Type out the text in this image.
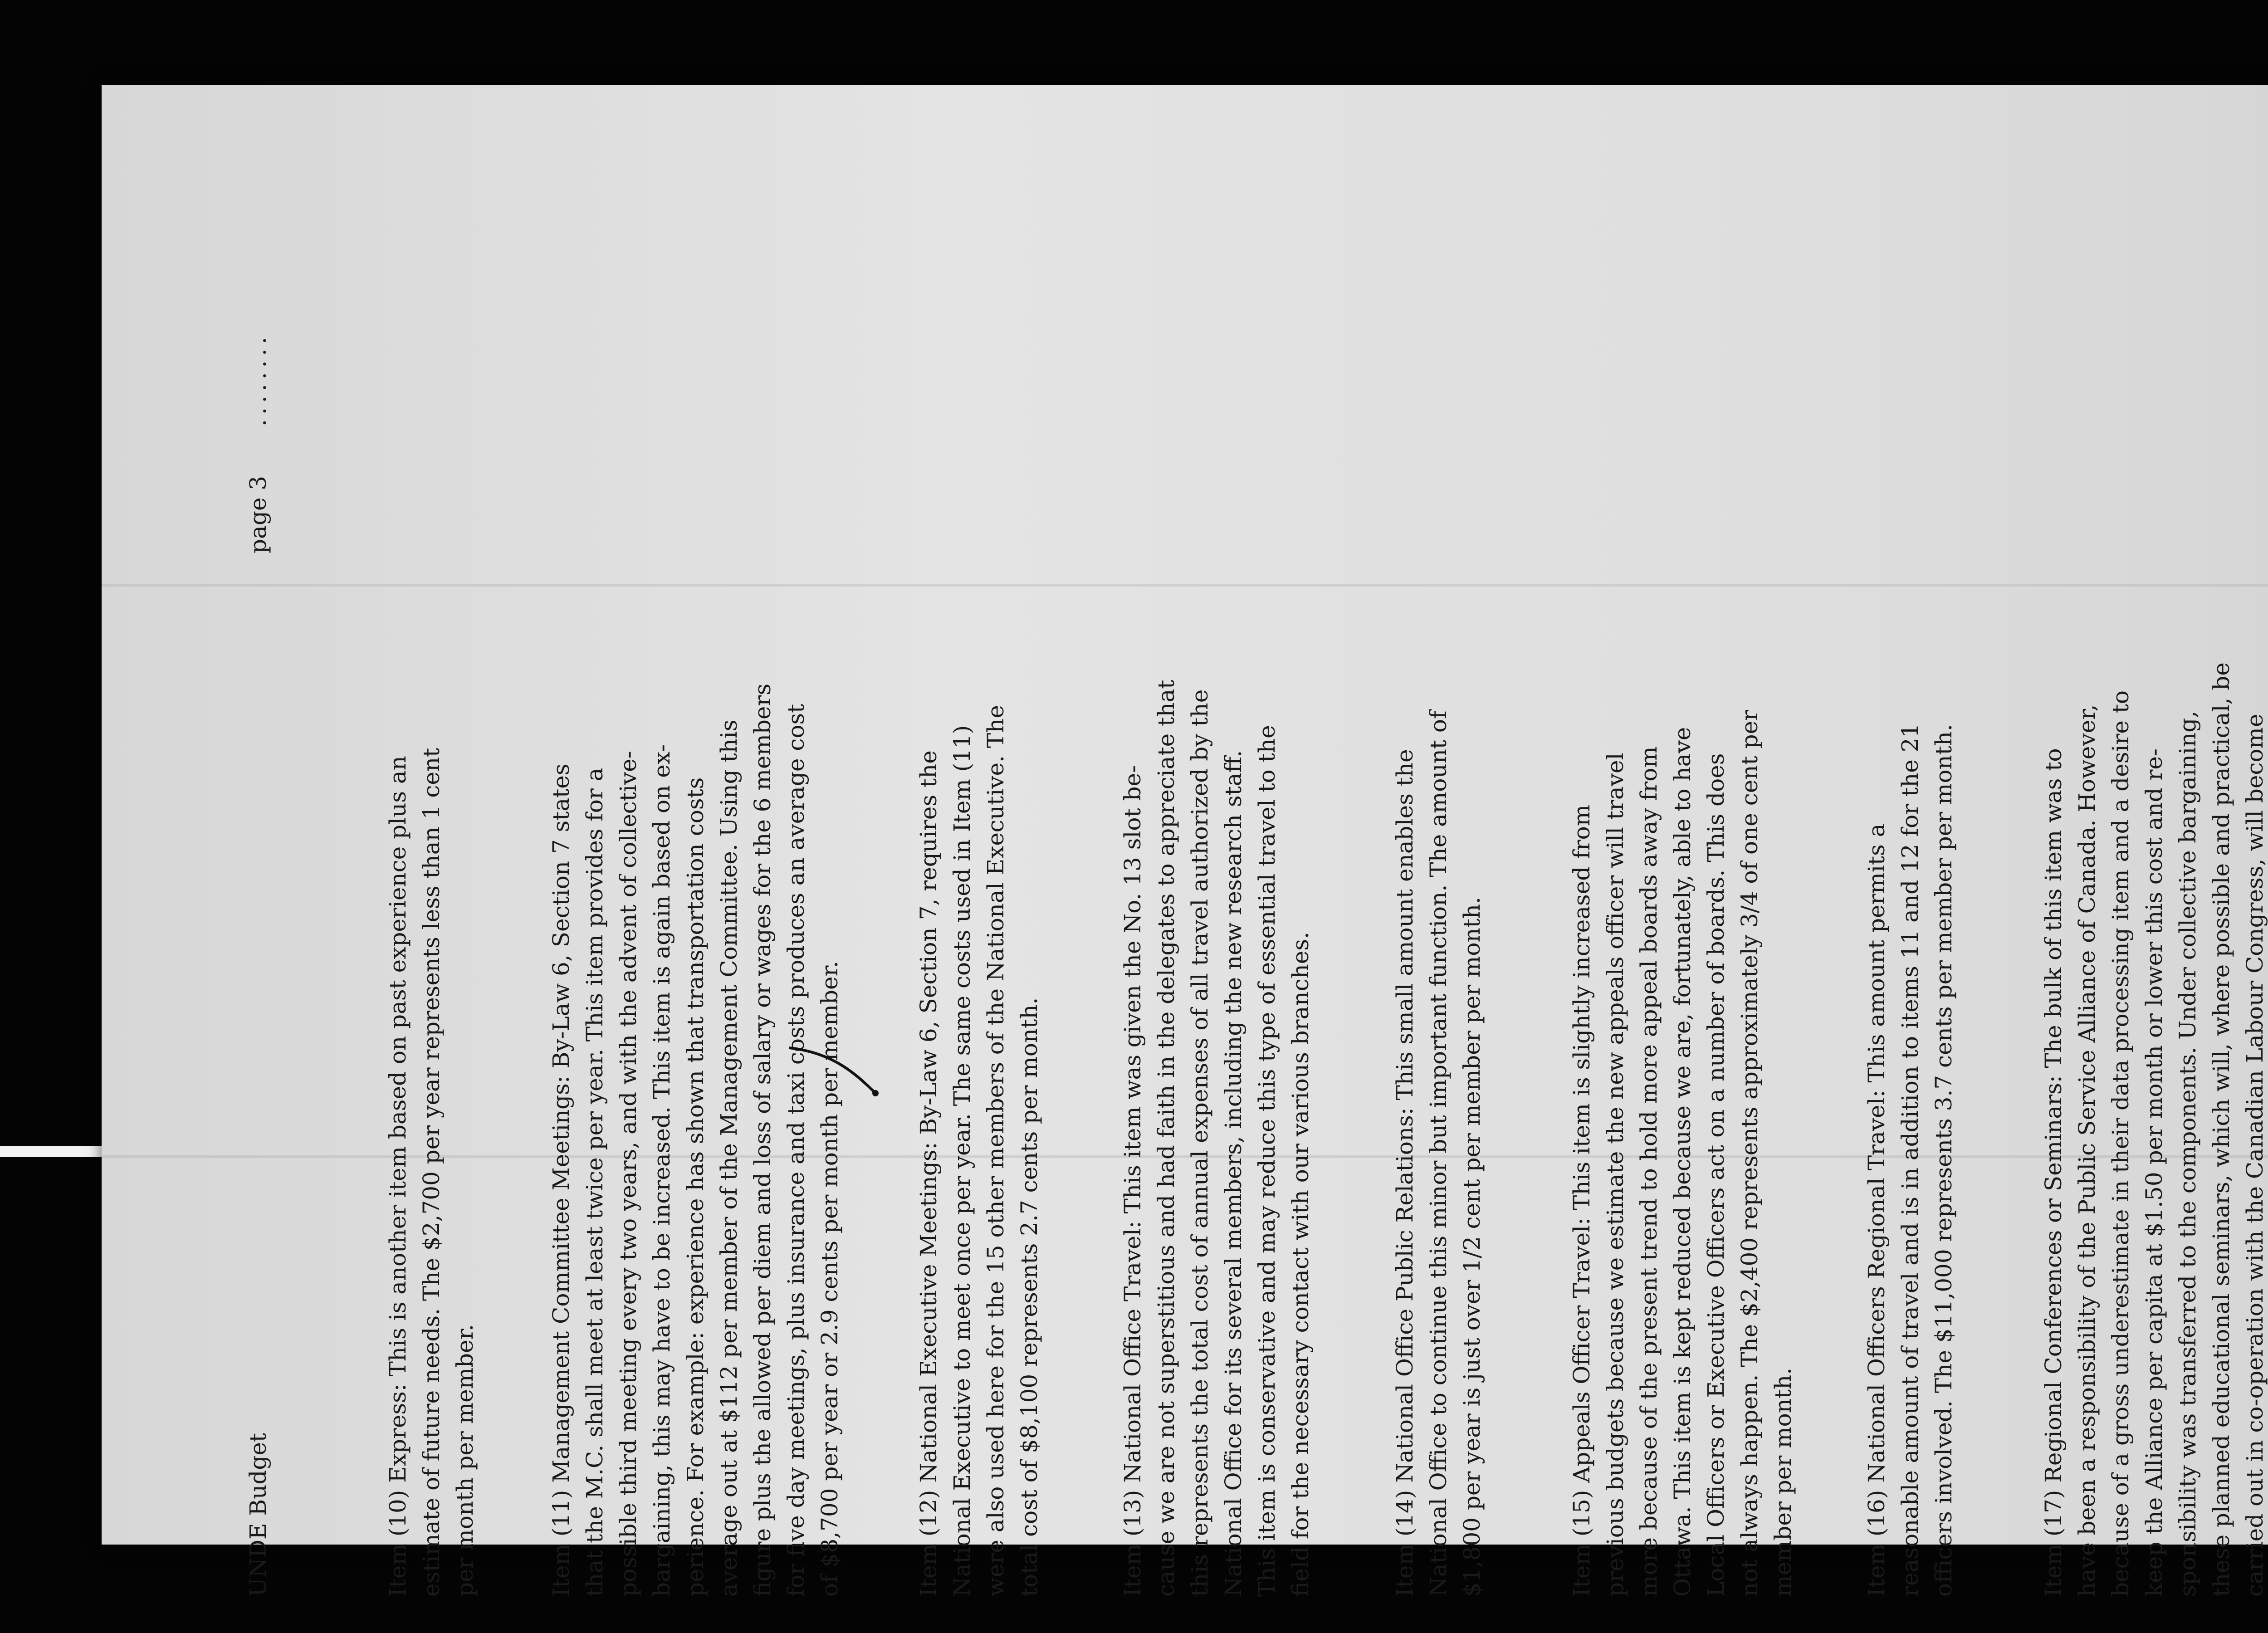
UNDE Budget
page 3
........
Item (10) Express: This is another item based on past experience plus an estimate of future needs. The $2,700 per year represents less than 1 cent per month per member.	Item (11) Management Committee Meetings: By-Law 6, Section 7 states that the M.C. shall meet at least twice per year. This item provides for a possible third meeting every two years, and with the advent of collective- bargaining, this may have to be increased. This item is again based on ex- perience. For example: experience has shown that transportation costs average out at $112 per member of the Management Committee. Using this figure plus the allowed per diem and loss of salary or wages for the 6 members for five day meetings, plus insurance and taxi costs produces an average cost of $8,700 per year or 2.9 cents per month per member.	Item (12) National Executive Meetings: By-Law 6, Section 7, requires the National Executive to meet once per year. The same costs used in Item (11) were also used here for the 15 other members of the National Executive. The total cost of $8,100 represents 2.7 cents per month.	Item (13) National Office Travel: This item was given the No. 13 slot be- cause we are not superstitious and had faith in the delegates to appreciate that this represents the total cost of annual expenses of all travel authorized by the National Office for its several members, including the new research staff. This item is conservative and may reduce this type of essential travel to the field for the necessary contact with our various branches.	Item (14) National Office Public Relations: This small amount enables the National Office to continue this minor but important function. The amount of $1,800 per year is just over 1/2 cent per member per month.	Item (15) Appeals Officer Travel: This item is slightly increased from previous budgets because we estimate the new appeals officer will travel more because of the present trend to hold more appeal boards away from Ottawa. This item is kept reduced because we are, fortunately, able to have Local Officers or Executive Officers act on a number of boards. This does not always happen. The $2,400 represents approximately 3/4 of one cent per member per month.	Item (16) National Officers Regional Travel: This amount permits a reasonable amount of travel and is in addition to items 11 and 12 for the 21 officers involved. The $11,000 represents 3.7 cents per member per month.	Item (17) Regional Conferences or Seminars: The bulk of this item was to have been a responsibility of the Public Service Alliance of Canada. However, because of a gross underestimate in their data processing item and a desire to keep the Alliance per capita at $1.50 per month or lower this cost and re- sponsibility was transferred to the components. Under collective bargaining, these planned educational seminars, which will, where possible and practical, be carried out in co-operation with the Canadian Labour Congress, will become
